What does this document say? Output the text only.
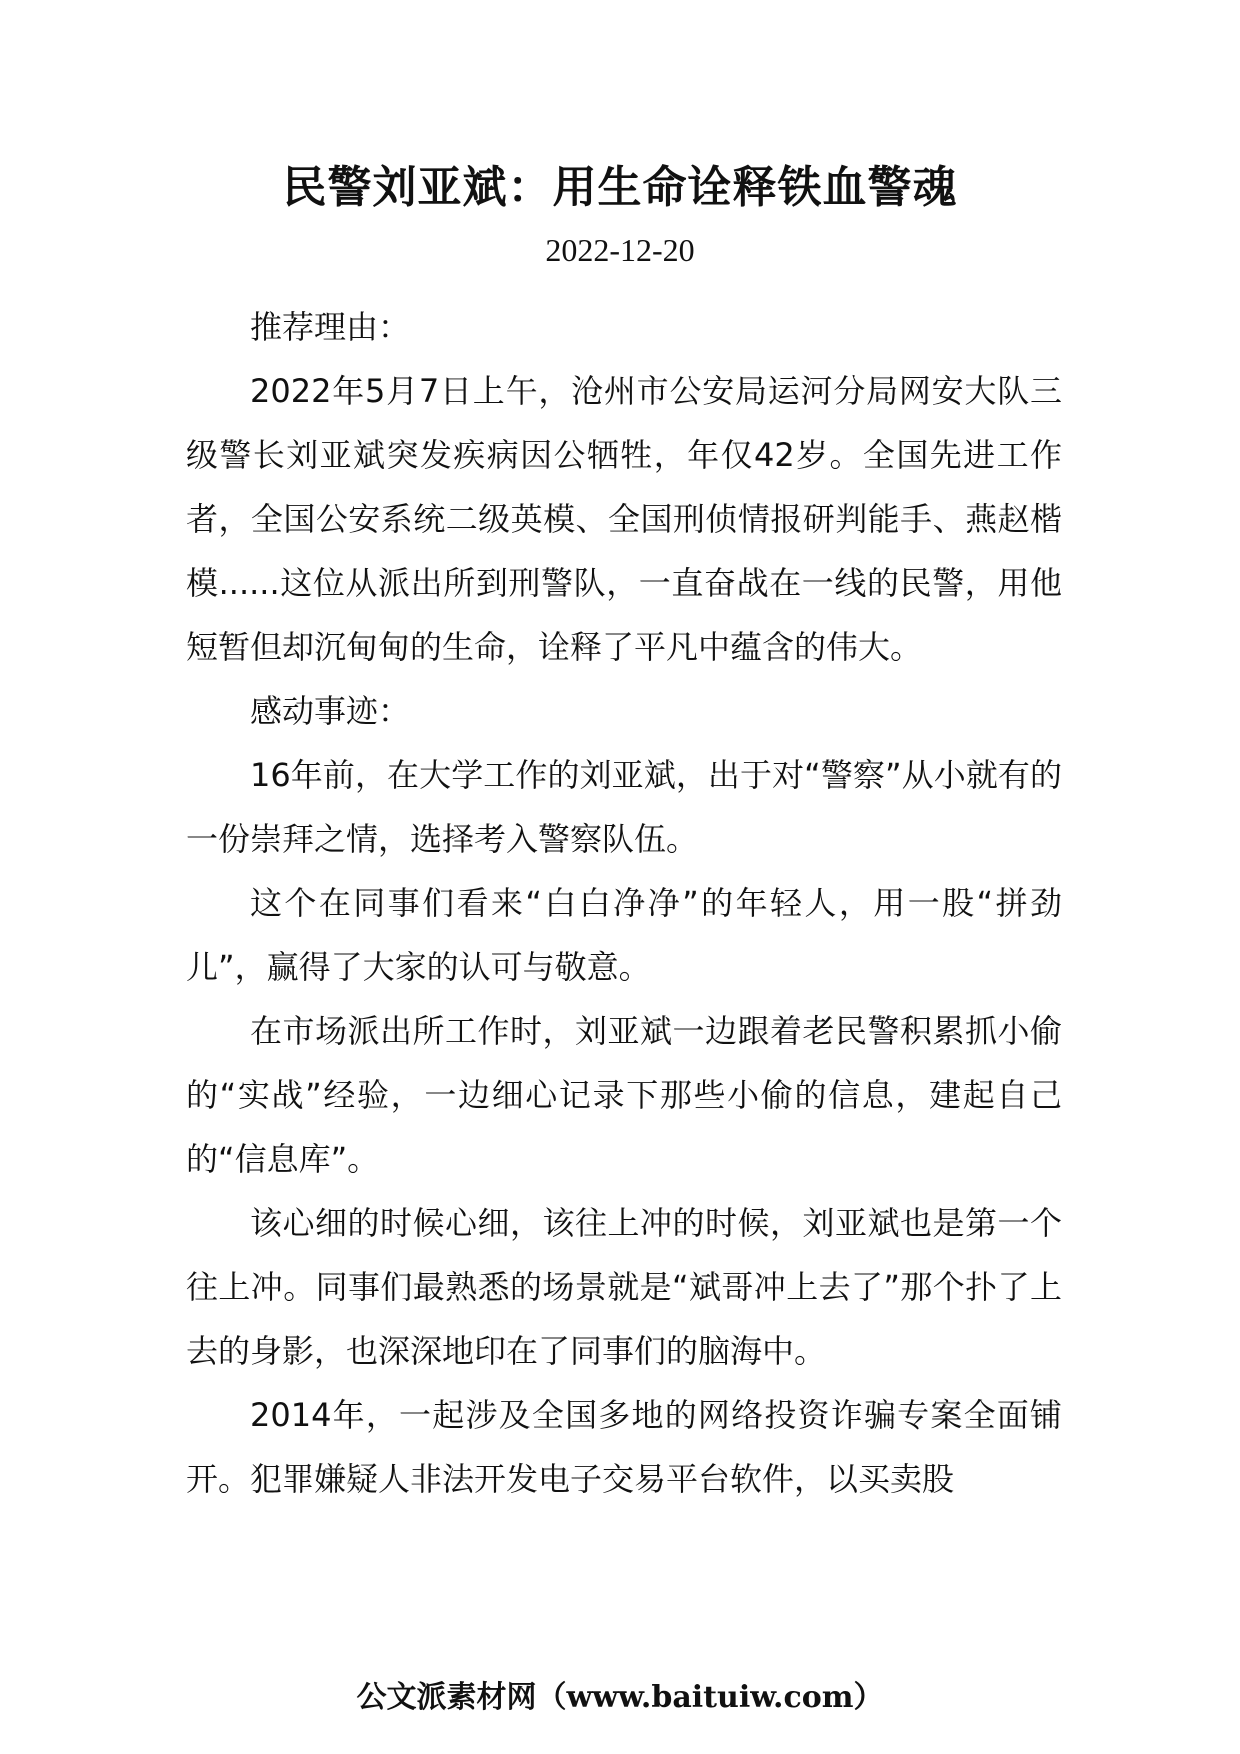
民警刘亚斌：用生命诠释铁血警魂
2022-12-20

推荐理由：

2022年5月7日上午，沧州市公安局运河分局网安大队三级警长刘亚斌突发疾病因公牺牲，年仅42岁。全国先进工作者，全国公安系统二级英模、全国刑侦情报研判能手、燕赵楷模......这位从派出所到刑警队，一直奋战在一线的民警，用他短暂但却沉甸甸的生命，诠释了平凡中蕴含的伟大。

感动事迹：

16年前，在大学工作的刘亚斌，出于对“警察”从小就有的一份崇拜之情，选择考入警察队伍。

这个在同事们看来“白白净净”的年轻人，用一股“拼劲儿”，赢得了大家的认可与敬意。

在市场派出所工作时，刘亚斌一边跟着老民警积累抓小偷的“实战”经验，一边细心记录下那些小偷的信息，建起自己的“信息库”。

该心细的时候心细，该往上冲的时候，刘亚斌也是第一个往上冲。同事们最熟悉的场景就是“斌哥冲上去了”那个扑了上去的身影，也深深地印在了同事们的脑海中。

2014年，一起涉及全国多地的网络投资诈骗专案全面铺开。犯罪嫌疑人非法开发电子交易平台软件，以买卖股

公文派素材网（www.baituiw.com）
